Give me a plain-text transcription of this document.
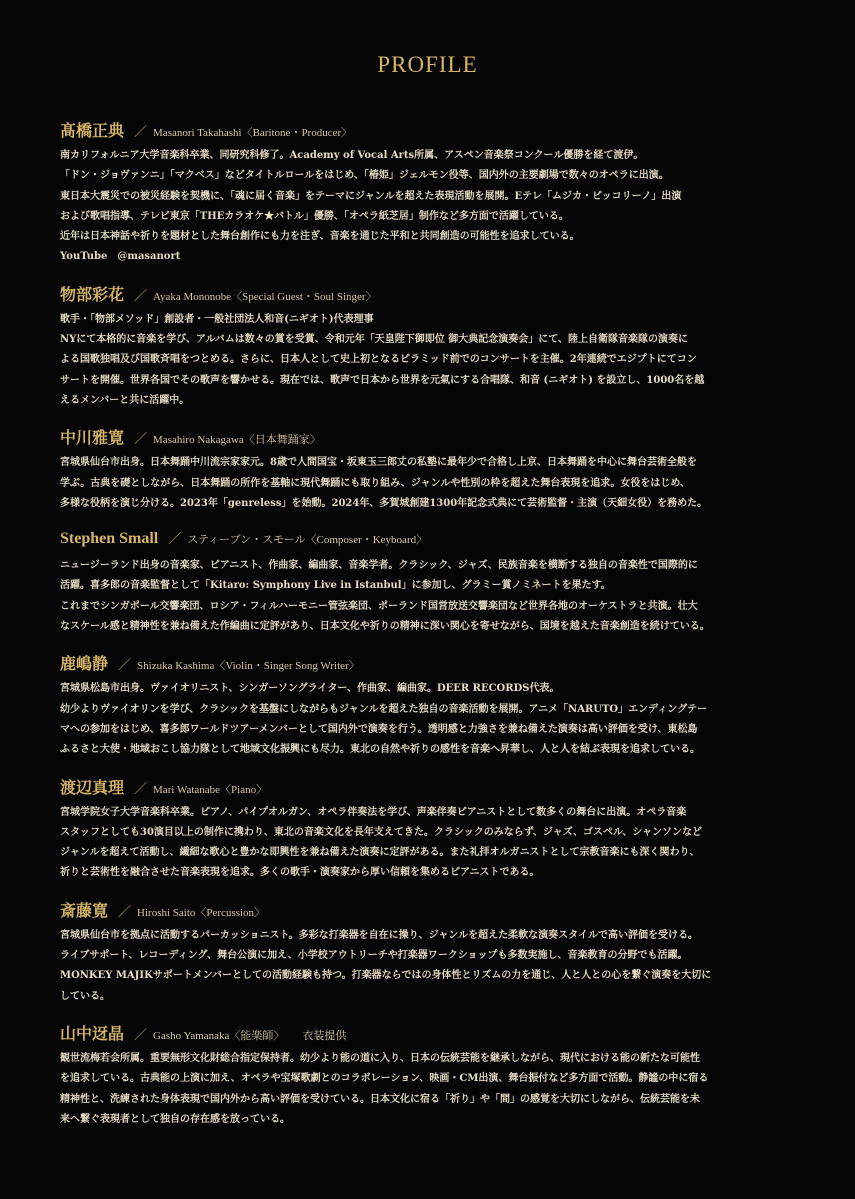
PROFILE
髙橋正典 ／ Masanori Takahashi〈Baritone・Producer〉
南カリフォルニア大学音楽科卒業、同研究科修了。Academy of Vocal Arts所属、アスペン音楽祭コンクール優勝を経て渡伊。
「ドン・ジョヴァンニ」「マクベス」などタイトルロールをはじめ、「椿姫」ジェルモン役等、国内外の主要劇場で数々のオペラに出演。
東日本大震災での被災経験を契機に、「魂に届く音楽」をテーマにジャンルを超えた表現活動を展開。Eテレ「ムジカ・ピッコリーノ」出演
および歌唱指導、テレビ東京「THEカラオケ★バトル」優勝、「オペラ紙芝居」制作など多方面で活躍している。
近年は日本神話や祈りを題材とした舞台創作にも力を注ぎ、音楽を通じた平和と共同創造の可能性を追求している。
YouTube　@masanort
物部彩花 ／ Ayaka Mononobe〈Special Guest・Soul Singer〉
歌手・「物部メソッド」創設者・一般社団法人和音(ニギオト)代表理事
NYにて本格的に音楽を学び、アルバムは数々の賞を受賞、令和元年「天皇陛下御即位 御大典記念演奏会」にて、陸上自衛隊音楽隊の演奏に
よる国歌独唱及び国歌斉唱をつとめる。さらに、日本人として史上初となるピラミッド前でのコンサートを主催。2年連続でエジプトにてコン
サートを開催。世界各国でその歌声を響かせる。現在では、歌声で日本から世界を元氣にする合唱隊、和音 (ニギオト) を設立し、1000名を越
えるメンバーと共に活躍中。
中川雅寛 ／ Masahiro Nakagawa〈日本舞踊家〉
宮城県仙台市出身。日本舞踊中川流宗家家元。8歳で人間国宝・坂東玉三郎丈の私塾に最年少で合格し上京、日本舞踊を中心に舞台芸術全般を
学ぶ。古典を礎としながら、日本舞踊の所作を基軸に現代舞踊にも取り組み、ジャンルや性別の枠を超えた舞台表現を追求。女役をはじめ、
多様な役柄を演じ分ける。2023年「genreless」を始動。2024年、多賀城創建1300年記念式典にて芸術監督・主演（天細女役）を務めた。
Stephen Small ／ スティーブン・スモール〈Composer・Keyboard〉
ニュージーランド出身の音楽家、ピアニスト、作曲家、編曲家、音楽学者。クラシック、ジャズ、民族音楽を横断する独自の音楽性で国際的に
活躍。喜多郎の音楽監督として「Kitaro: Symphony Live in Istanbul」に参加し、グラミー賞ノミネートを果たす。
これまでシンガポール交響楽団、ロシア・フィルハーモニー管弦楽団、ポーランド国営放送交響楽団など世界各地のオーケストラと共演。壮大
なスケール感と精神性を兼ね備えた作編曲に定評があり、日本文化や祈りの精神に深い関心を寄せながら、国境を越えた音楽創造を続けている。
鹿嶋静 ／ Shizuka Kashima〈Violin・Singer Song Writer〉
宮城県松島市出身。ヴァイオリニスト、シンガーソングライター、作曲家、編曲家。DEER RECORDS代表。
幼少よりヴァイオリンを学び、クラシックを基盤にしながらもジャンルを超えた独自の音楽活動を展開。アニメ「NARUTO」エンディングテー
マへの参加をはじめ、喜多郎ワールドツアーメンバーとして国内外で演奏を行う。透明感と力強さを兼ね備えた演奏は高い評価を受け、東松島
ふるさと大使・地域おこし協力隊として地域文化振興にも尽力。東北の自然や祈りの感性を音楽へ昇華し、人と人を結ぶ表現を追求している。
渡辺真理 ／ Mari Watanabe〈Piano〉
宮城学院女子大学音楽科卒業。ピアノ、パイプオルガン、オペラ伴奏法を学び、声楽伴奏ピアニストとして数多くの舞台に出演。オペラ音楽
スタッフとしても30演目以上の制作に携わり、東北の音楽文化を長年支えてきた。クラシックのみならず、ジャズ、ゴスペル、シャンソンなど
ジャンルを超えて活動し、繊細な歌心と豊かな即興性を兼ね備えた演奏に定評がある。また礼拝オルガニストとして宗教音楽にも深く関わり、
祈りと芸術性を融合させた音楽表現を追求。多くの歌手・演奏家から厚い信頼を集めるピアニストである。
斎藤寛 ／ Hiroshi Saito〈Percussion〉
宮城県仙台市を拠点に活動するパーカッショニスト。多彩な打楽器を自在に操り、ジャンルを超えた柔軟な演奏スタイルで高い評価を受ける。
ライブサポート、レコーディング、舞台公演に加え、小学校アウトリーチや打楽器ワークショップも多数実施し、音楽教育の分野でも活躍。
MONKEY MAJIKサポートメンバーとしての活動経験も持つ。打楽器ならではの身体性とリズムの力を通じ、人と人との心を繋ぐ演奏を大切に
している。
山中迓晶 ／ Gasho Yamanaka〈能楽師〉 衣装提供
観世流梅若会所属。重要無形文化財総合指定保持者。幼少より能の道に入り、日本の伝統芸能を継承しながら、現代における能の新たな可能性
を追求している。古典能の上演に加え、オペラや宝塚歌劇とのコラボレーション、映画・CM出演、舞台振付など多方面で活動。静謐の中に宿る
精神性と、洗練された身体表現で国内外から高い評価を受けている。日本文化に宿る「祈り」や「間」の感覚を大切にしながら、伝統芸能を未
来へ繋ぐ表現者として独自の存在感を放っている。
